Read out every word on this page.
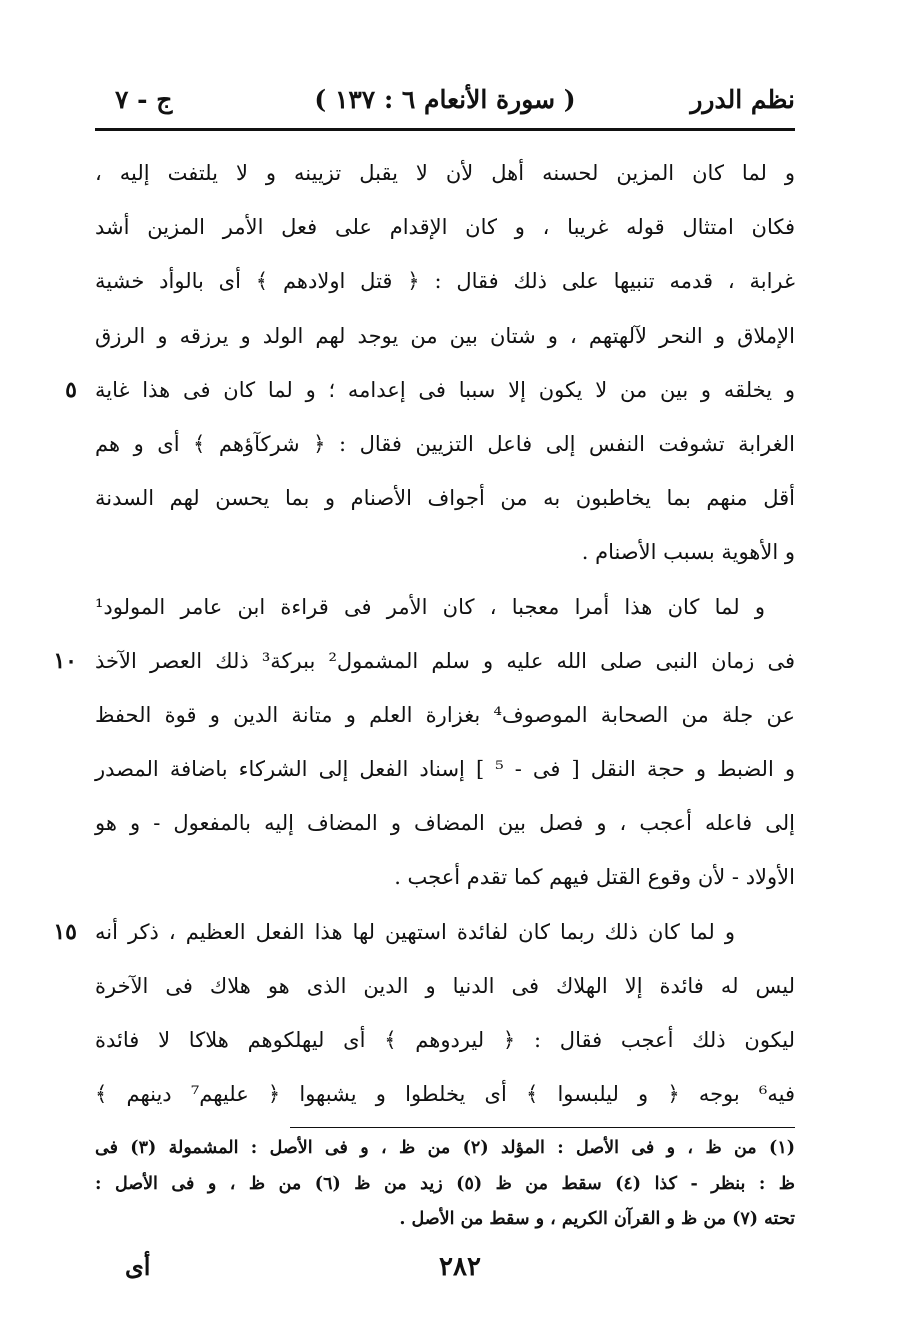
نظم الدرر
( سورة الأنعام ٦ : ١٣٧ )
ج - ٧
و لما كان المزين لحسنه أهل لأن لا يقبل تزيينه و لا يلتفت إليه ،
فكان امتثال قوله غريبا ، و كان الإقدام على فعل الأمر المزين أشد
غرابة ، قدمه تنبيها على ذلك فقال : ﴿ قتل اولادهم ﴾ أى بالوأد خشية
الإملاق و النحر لآلهتهم ، و شتان بين من يوجد لهم الولد و يرزقه و الرزق
٥ و يخلقه و بين من لا يكون إلا سببا فى إعدامه ؛ و لما كان فى هذا غاية
الغرابة تشوفت النفس إلى فاعل التزيين فقال : ﴿ شركآؤهم ﴾ أى و هم
أقل منهم بما يخاطبون به من أجواف الأصنام و بما يحسن لهم السدنة
و الأهوية بسبب الأصنام .
و لما كان هذا أمرا معجبا ، كان الأمر فى قراءة ابن عامر المولود¹
١٠ فى زمان النبى صلى الله عليه و سلم المشمول² ببركة³ ذلك العصر الآخذ
عن جلة من الصحابة الموصوف⁴ بغزارة العلم و متانة الدين و قوة الحفظ
و الضبط و حجة النقل [ فى - ⁵ ] إسناد الفعل إلى الشركاء باضافة المصدر
إلى فاعله أعجب ، و فصل بين المضاف و المضاف إليه بالمفعول - و هو
الأولاد - لأن وقوع القتل فيهم كما تقدم أعجب .
١٥ و لما كان ذلك ربما كان لفائدة استهين لها هذا الفعل العظيم ، ذكر أنه
ليس له فائدة إلا الهلاك فى الدنيا و الدين الذى هو هلاك فى الآخرة
ليكون ذلك أعجب فقال : ﴿ ليردوهم ﴾ أى ليهلكوهم هلاكا لا فائدة
فيه⁶ بوجه ﴿ و ليلبسوا ﴾ أى يخلطوا و يشبهوا ﴿ عليهم⁷ دينهم ﴾
(١) من ظ ، و فى الأصل : المؤلد (٢) من ظ ، و فى الأصل : المشمولة (٣) فى
ظ : بنظر - كذا (٤) سقط من ظ (٥) زيد من ظ (٦) من ظ ، و فى الأصل :
تحته (٧) من ظ و القرآن الكريم ، و سقط من الأصل .
٢٨٢
أى
